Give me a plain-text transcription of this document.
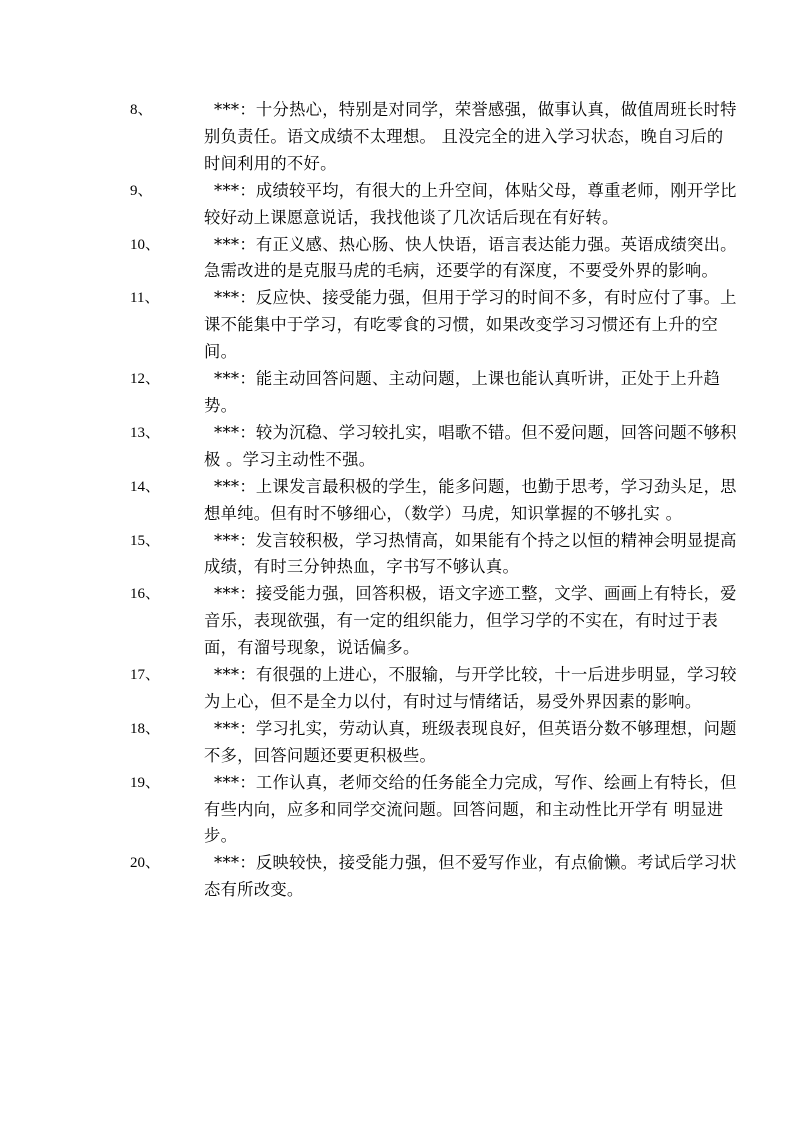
8、	***：十分热心，特别是对同学，荣誉感强，做事认真，做值周班长时特别负责任。语文成绩不太理想。 且没完全的进入学习状态，晚自习后的时间利用的不好。
9、	***：成绩较平均，有很大的上升空间，体贴父母，尊重老师，刚开学比较好动上课愿意说话，我找他谈了几次话后现在有好转。
10、	***：有正义感、热心肠、快人快语，语言表达能力强。英语成绩突出。急需改进的是克服马虎的毛病，还要学的有深度，不要受外界的影响。
11、	***：反应快、接受能力强，但用于学习的时间不多，有时应付了事。上课不能集中于学习，有吃零食的习惯，如果改变学习习惯还有上升的空间。
12、	***：能主动回答问题、主动问题，上课也能认真听讲，正处于上升趋势。
13、	***：较为沉稳、学习较扎实，唱歌不错。但不爱问题，回答问题不够积极 。学习主动性不强。
14、	***：上课发言最积极的学生，能多问题，也勤于思考，学习劲头足，思想单纯。但有时不够细心，（数学）马虎，知识掌握的不够扎实 。
15、	***：发言较积极，学习热情高，如果能有个持之以恒的精神会明显提高成绩，有时三分钟热血，字书写不够认真。
16、	***：接受能力强，回答积极，语文字迹工整，文学、画画上有特长，爱音乐，表现欲强，有一定的组织能力，但学习学的不实在，有时过于表面，有溜号现象，说话偏多。
17、	***：有很强的上进心，不服输，与开学比较，十一后进步明显，学习较为上心，但不是全力以付，有时过与情绪话，易受外界因素的影响。
18、	***：学习扎实，劳动认真，班级表现良好，但英语分数不够理想，问题不多，回答问题还要更积极些。
19、	***：工作认真，老师交给的任务能全力完成，写作、绘画上有特长，但有些内向，应多和同学交流问题。回答问题，和主动性比开学有 明显进步。
20、	***：反映较快，接受能力强，但不爱写作业，有点偷懒。考试后学习状态有所改变。
